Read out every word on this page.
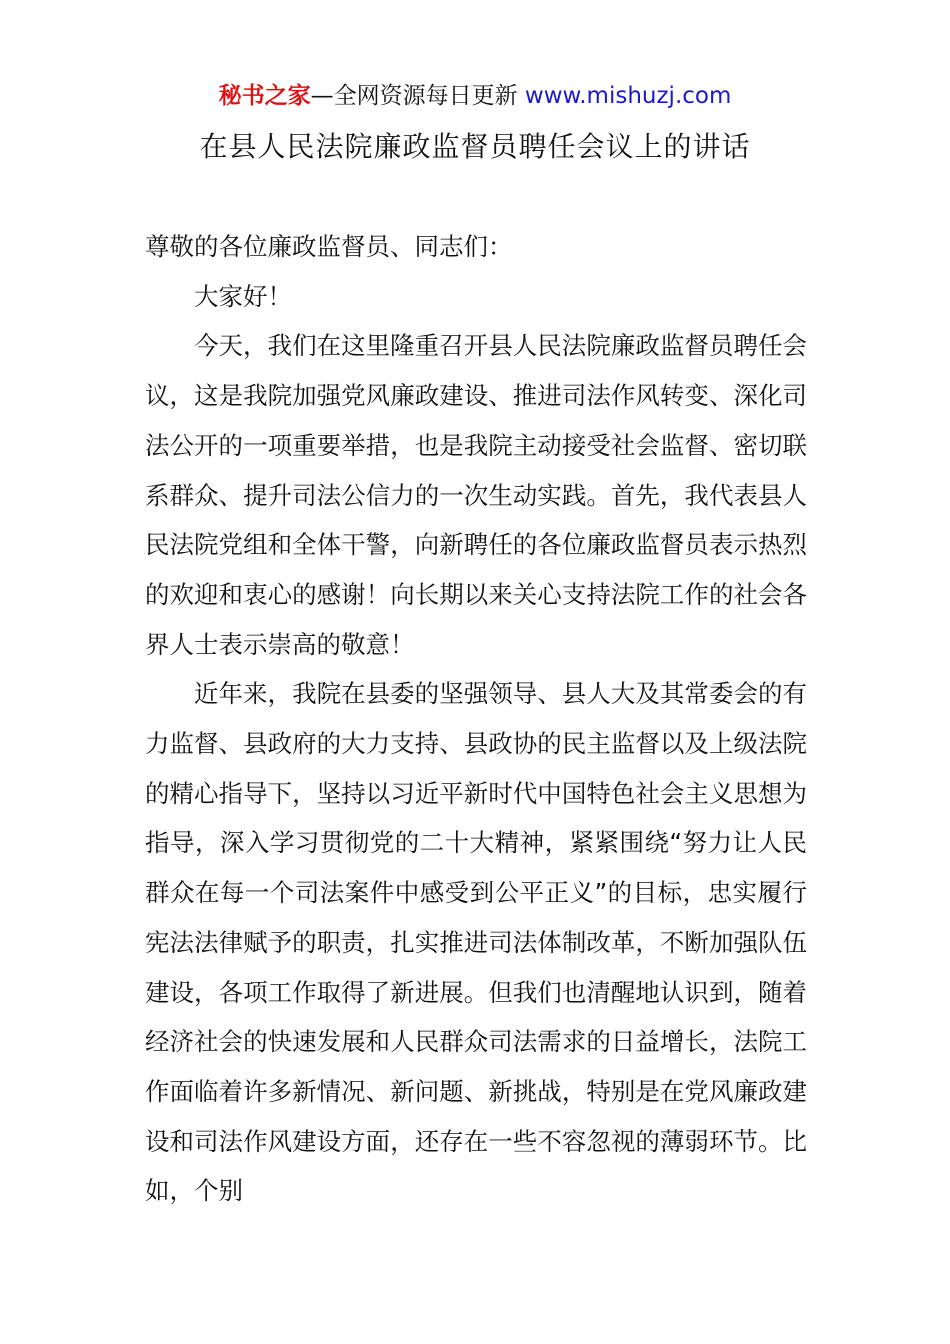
秘书之家—全网资源每日更新 www.mishuzj.com
在县人民法院廉政监督员聘任会议上的讲话

尊敬的各位廉政监督员、同志们：

大家好！

今天，我们在这里隆重召开县人民法院廉政监督员聘任会议，这是我院加强党风廉政建设、推进司法作风转变、深化司法公开的一项重要举措，也是我院主动接受社会监督、密切联系群众、提升司法公信力的一次生动实践。首先，我代表县人民法院党组和全体干警，向新聘任的各位廉政监督员表示热烈的欢迎和衷心的感谢！向长期以来关心支持法院工作的社会各界人士表示崇高的敬意！

近年来，我院在县委的坚强领导、县人大及其常委会的有力监督、县政府的大力支持、县政协的民主监督以及上级法院的精心指导下，坚持以习近平新时代中国特色社会主义思想为指导，深入学习贯彻党的二十大精神，紧紧围绕“努力让人民群众在每一个司法案件中感受到公平正义”的目标，忠实履行宪法法律赋予的职责，扎实推进司法体制改革，不断加强队伍建设，各项工作取得了新进展。但我们也清醒地认识到，随着经济社会的快速发展和人民群众司法需求的日益增长，法院工作面临着许多新情况、新问题、新挑战，特别是在党风廉政建设和司法作风建设方面，还存在一些不容忽视的薄弱环节。比如，个别
